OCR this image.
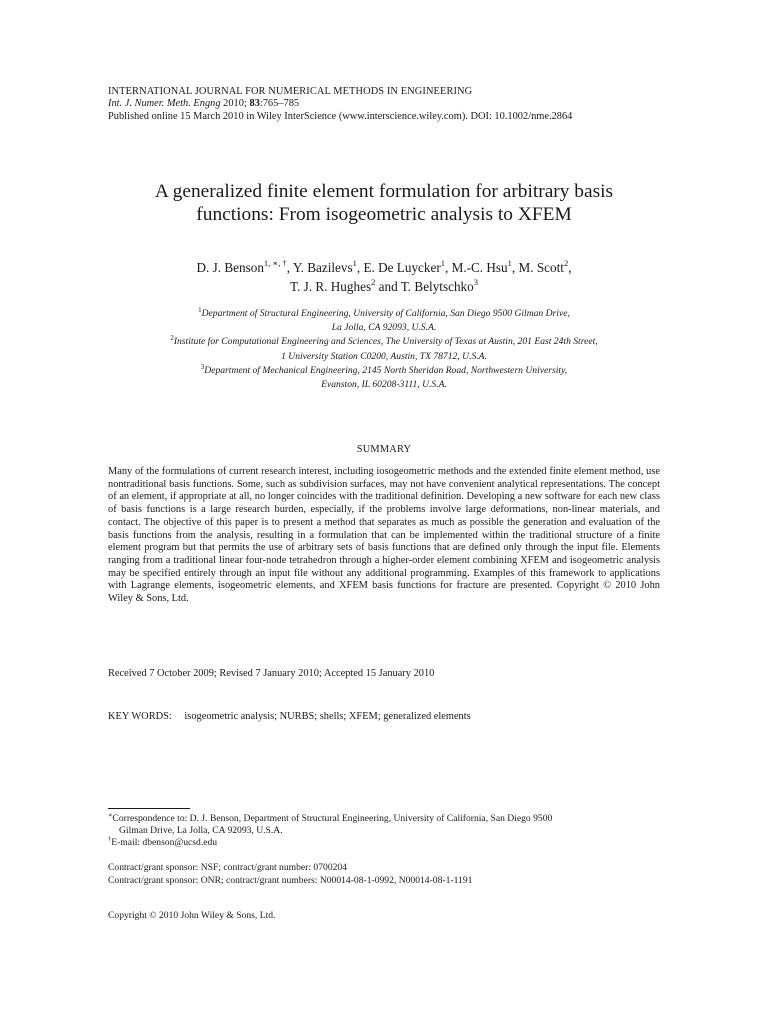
INTERNATIONAL JOURNAL FOR NUMERICAL METHODS IN ENGINEERING
Int. J. Numer. Meth. Engng 2010; 83:765–785
Published online 15 March 2010 in Wiley InterScience (www.interscience.wiley.com). DOI: 10.1002/nme.2864
A generalized finite element formulation for arbitrary basis
functions: From isogeometric analysis to XFEM
D. J. Benson$^{1, ∗, \dagger}$, Y. Bazilevs$^1$, E. De Luycker$^1$, M.-C. Hsu$^1$, M. Scott$^2$,
T. J. R. Hughes$^2$ and T. Belytschko$^3$
$^1$Department of Structural Engineering, University of California, San Diego 9500 Gilman Drive,
La Jolla, CA 92093, U.S.A.
$^2$Institute for Computational Engineering and Sciences, The University of Texas at Austin, 201 East 24th Street,
1 University Station C0200, Austin, TX 78712, U.S.A.
$^3$Department of Mechanical Engineering, 2145 North Sheridan Road, Northwestern University,
Evanston, IL 60208-3111, U.S.A.
SUMMARY
Many of the formulations of current research interest, including iosogeometric methods and the extended finite element method, use nontraditional basis functions. Some, such as subdivision surfaces, may not have convenient analytical representations. The concept of an element, if appropriate at all, no longer coincides with the traditional definition. Developing a new software for each new class of basis functions is a large research burden, especially, if the problems involve large deformations, non-linear materials, and contact. The objective of this paper is to present a method that separates as much as possible the generation and evaluation of the basis functions from the analysis, resulting in a formulation that can be implemented within the traditional structure of a finite element program but that permits the use of arbitrary sets of basis functions that are defined only through the input file. Elements ranging from a traditional linear four-node tetrahedron through a higher-order element combining XFEM and isogeometric analysis may be specified entirely through an input file without any additional programming. Examples of this framework to applications with Lagrange elements, isogeometric elements, and XFEM basis functions for fracture are presented. Copyright © 2010 John Wiley & Sons, Ltd.
Received 7 October 2009; Revised 7 January 2010; Accepted 15 January 2010
KEY WORDS: isogeometric analysis; NURBS; shells; XFEM; generalized elements
∗Correspondence to: D. J. Benson, Department of Structural Engineering, University of California, San Diego 9500
Gilman Drive, La Jolla, CA 92093, U.S.A.
†E-mail: dbenson@ucsd.edu
Contract/grant sponsor: NSF; contract/grant number: 0700204
Contract/grant sponsor: ONR; contract/grant numbers: N00014-08-1-0992, N00014-08-1-1191
Copyright © 2010 John Wiley & Sons, Ltd.
